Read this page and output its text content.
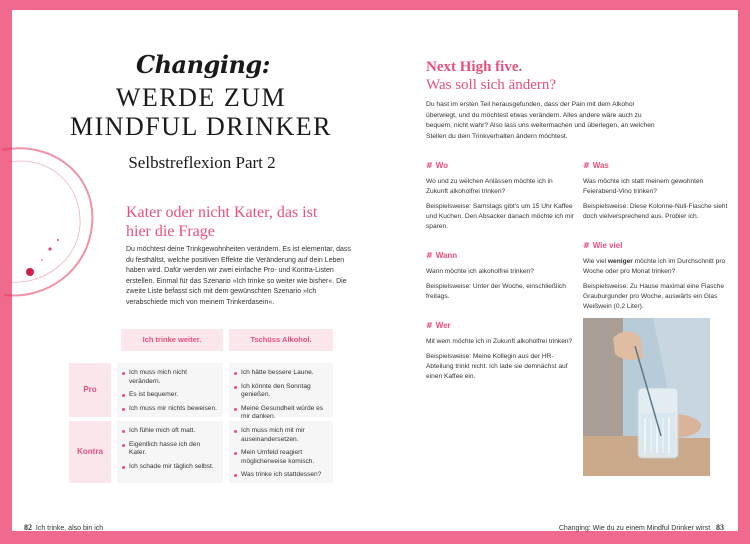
Changing:
WERDE ZUM
MINDFUL DRINKER
Selbstreflexion Part 2
Kater oder nicht Kater, das ist
hier die Frage
Du möchtest deine Trinkgewohnheiten verändern. Es ist elementar, dass du festhältst, welche positiven Effekte die Veränderung auf dein Leben haben wird. Dafür werden wir zwei einfache Pro- und Kontra-Listen erstellen. Einmal für das Szenario »Ich trinke so weiter wie bisher«. Die zweite Liste befasst sich mit dem gewünschten Szenario »Ich verabschiede mich von meinem Trinkerdasein«.
Ich trinke weiter.	Tschüss Alkohol.
Pro
Ich muss mich nicht verändern.
Es ist bequemer.
Ich muss mir nichts beweisen.
Ich hätte bessere Laune.
Ich könnte den Sonntag genießen.
Meine Gesundheit würde es mir danken.
Kontra
Ich fühle mich oft matt.
Eigentlich hasse ich den Kater.
Ich schade mir täglich selbst.
Ich muss mich mit mir auseinandersetzen.
Mein Umfeld reagiert möglicherweise komisch.
Was trinke ich stattdessen?
82 Ich trinke, also bin ich
Next High five.
Was soll sich ändern?
Du hast im ersten Teil herausgefunden, dass der Pain mit dem Alkohol überwiegt, und du möchtest etwas verändern. Alles andere wäre auch zu bequem, nicht wahr? Also lass uns weitermachen und überlegen, an welchen Stellen du dein Trinkverhalten ändern möchtest.
# Wo

Wo und zu welchen Anlässen möchte ich in Zukunft alkoholfrei trinken?

Beispielsweise: Samstags gibt's um 15 Uhr Kaffee und Kuchen. Den Absacker danach möchte ich mir sparen.

# Was

Was möchte ich statt meinem gewohnten Feierabend-Vino trinken?

Beispielsweise: Diese Kolonne-Null-Flasche sieht doch vielversprechend aus. Probier ich.

# Wann

Wann möchte ich alkoholfrei trinken?

Beispielsweise: Unter der Woche, einschließlich freitags.

# Wie viel

Wie viel weniger möchte ich im Durchschnitt pro Woche oder pro Monat trinken?

Beispielsweise: Zu Hause maximal eine Flasche Grauburgunder pro Woche, auswärts ein Glas Weißwein (0,2 Liter).

# Wer

Mit wem möchte ich in Zukunft alkoholfrei trinken?

Beispielsweise: Meine Kollegin aus der HR-Abteilung trinkt nicht. Ich lade sie demnächst auf einen Kaffee ein.

Changing: Wie du zu einem Mindful Drinker wirst 83
